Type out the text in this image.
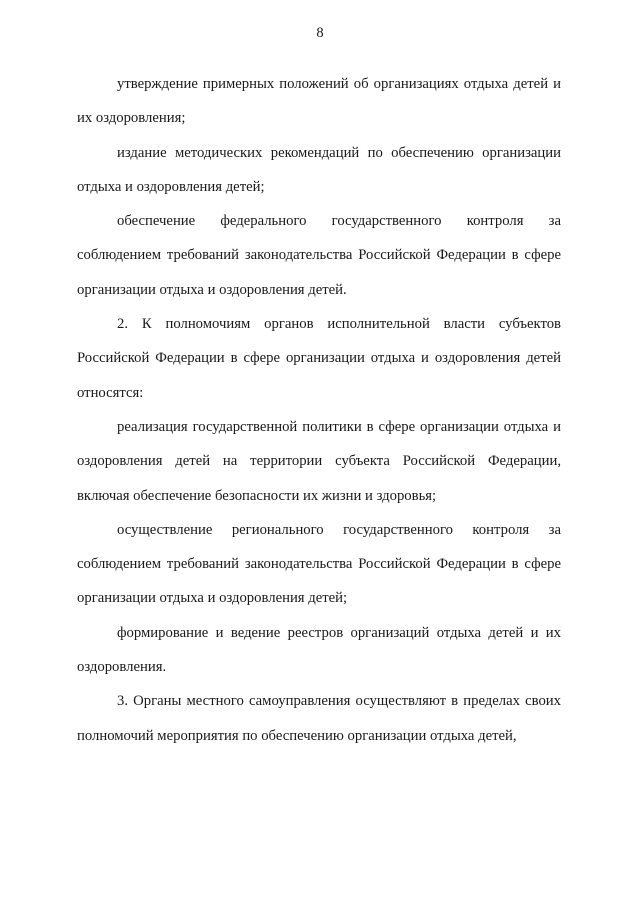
8

утверждение примерных положений об организациях отдыха детей и их оздоровления;

издание методических рекомендаций по обеспечению организации отдыха и оздоровления детей;

обеспечение федерального государственного контроля за соблюдением требований законодательства Российской Федерации в сфере организации отдыха и оздоровления детей.

2. К полномочиям органов исполнительной власти субъектов Российской Федерации в сфере организации отдыха и оздоровления детей относятся:

реализация государственной политики в сфере организации отдыха и оздоровления детей на территории субъекта Российской Федерации, включая обеспечение безопасности их жизни и здоровья;

осуществление регионального государственного контроля за соблюдением требований законодательства Российской Федерации в сфере организации отдыха и оздоровления детей;

формирование и ведение реестров организаций отдыха детей и их оздоровления.

3. Органы местного самоуправления осуществляют в пределах своих полномочий мероприятия по обеспечению организации отдыха детей,
